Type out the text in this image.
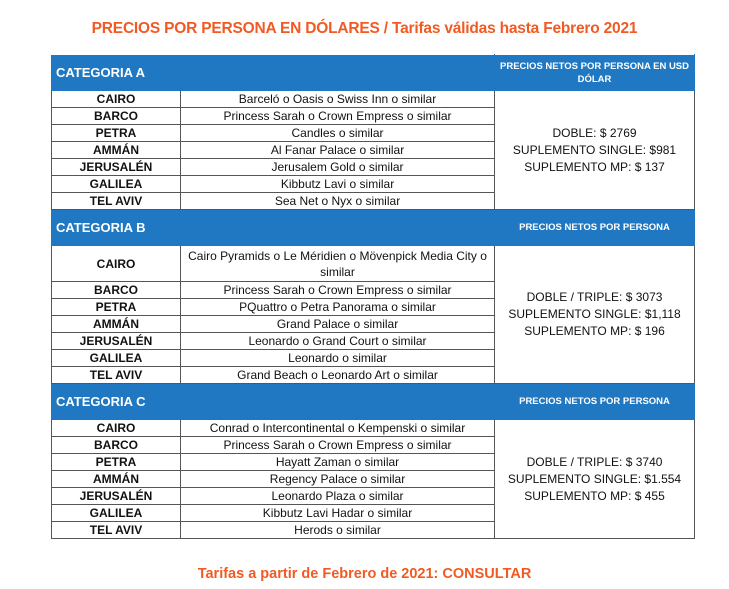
PRECIOS POR PERSONA EN DÓLARES / Tarifas válidas hasta Febrero 2021
CATEGORIA A		PRECIOS NETOS POR PERSONA EN USD DÓLAR
CAIRO	Barceló o Oasis o Swiss Inn o similar	DOBLE: $ 2769
SUPLEMENTO SINGLE: $981
SUPLEMENTO MP: $ 137

BARCO	Princess Sarah o Crown Empress o similar	
PETRA	Candles o similar	
AMMÁN	Al Fanar Palace o similar	
JERUSALÉN	Jerusalem Gold o similar	
GALILEA	Kibbutz Lavi o similar	
TEL AVIV	Sea Net o Nyx o similar	
CATEGORIA B		PRECIOS NETOS POR PERSONA
CAIRO	Cairo Pyramids o Le Méridien o Mövenpick Media City o similar	DOBLE / TRIPLE: $ 3073
SUPLEMENTO SINGLE: $1,118
SUPLEMENTO MP: $ 196

BARCO	Princess Sarah o Crown Empress o similar	
PETRA	PQuattro o Petra Panorama o similar	
AMMÁN	Grand Palace o similar	
JERUSALÉN	Leonardo o Grand Court o similar	
GALILEA	Leonardo o similar	
TEL AVIV	Grand Beach o Leonardo Art o similar	
CATEGORIA C		PRECIOS NETOS POR PERSONA
CAIRO	Conrad o Intercontinental o Kempenski o similar	DOBLE / TRIPLE: $ 3740
SUPLEMENTO SINGLE: $1.554
SUPLEMENTO MP: $ 455

BARCO	Princess Sarah o Crown Empress o similar	
PETRA	Hayatt Zaman o similar	
AMMÁN	Regency Palace o similar	
JERUSALÉN	Leonardo Plaza o similar	
GALILEA	Kibbutz Lavi Hadar o similar	
TEL AVIV	Herods o similar	
Tarifas a partir de Febrero de 2021: CONSULTAR
